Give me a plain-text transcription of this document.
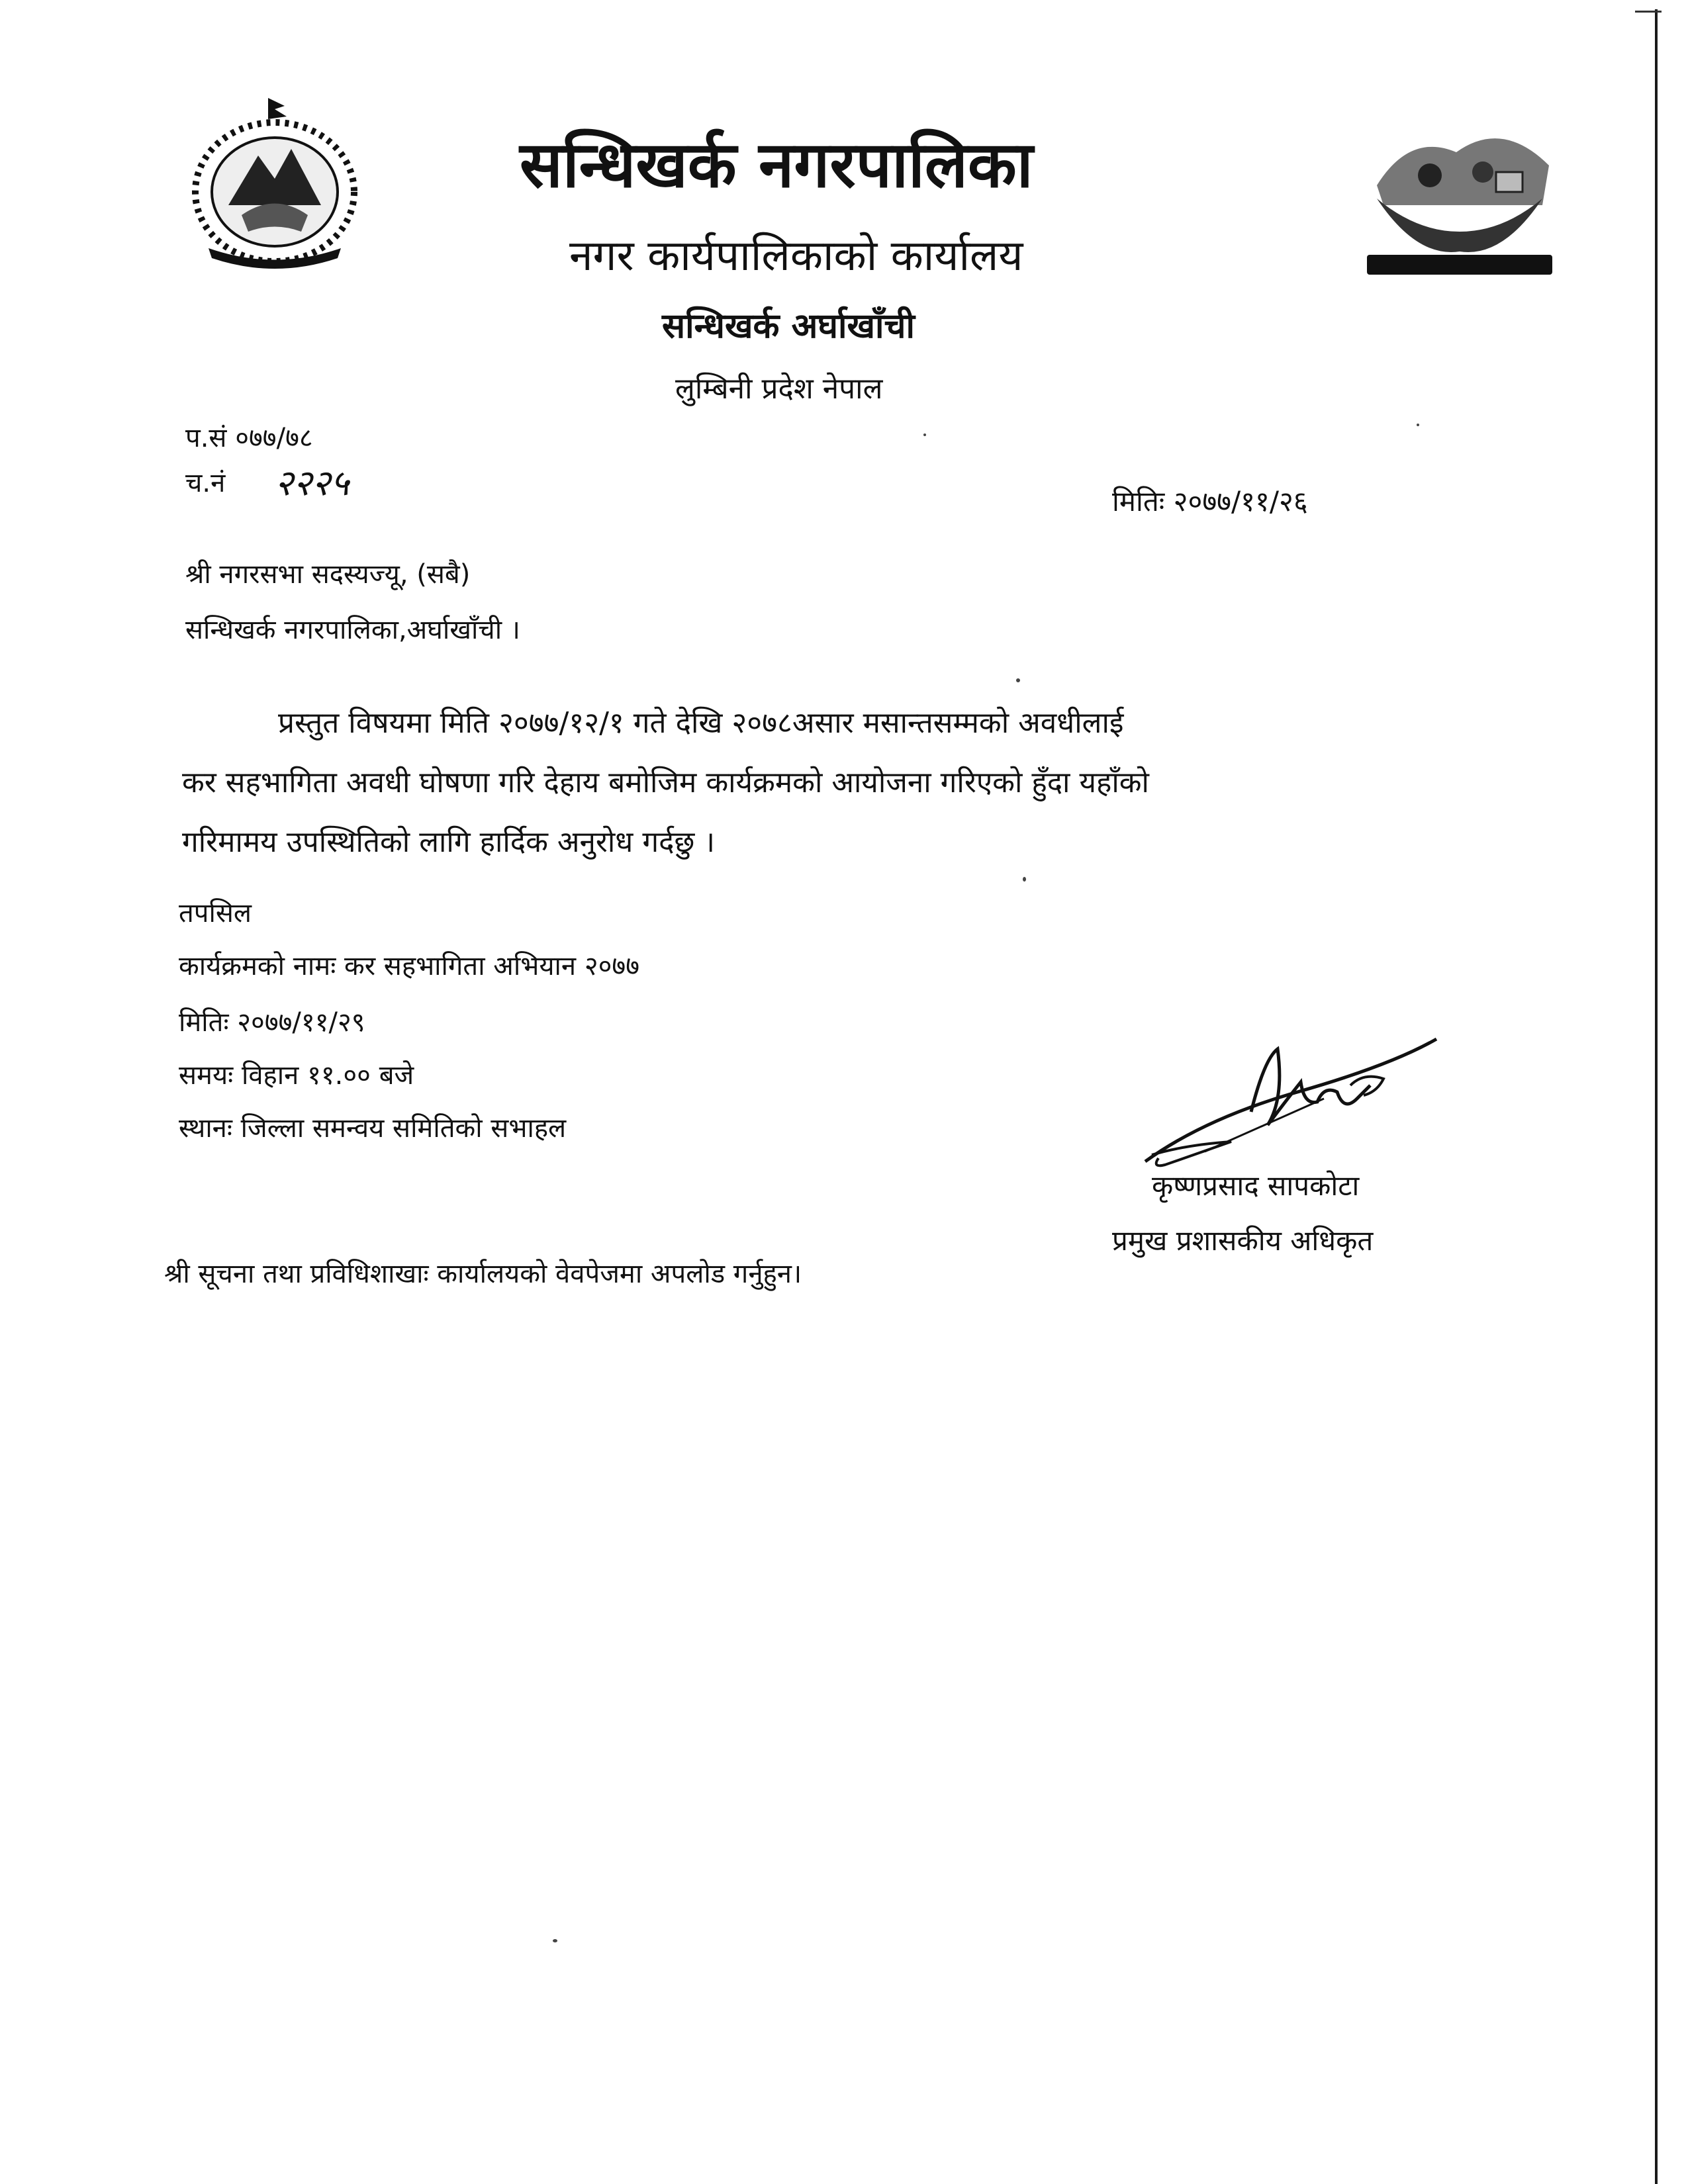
सन्धिखर्क नगरपालिका
नगर कार्यपालिकाको कार्यालय
सन्धिखर्क अर्घाखाँची
लुम्बिनी प्रदेश नेपाल
प.सं ०७७/७८
च.नं २२२५	मितिः २०७७/११/२६
श्री नगरसभा सदस्यज्यू, (सबै)
सन्धिखर्क नगरपालिका,अर्घाखाँची ।
प्रस्तुत विषयमा मिति २०७७/१२/१ गते देखि २०७८असार मसान्तसम्मको अवधीलाई
कर सहभागिता अवधी घोषणा गरि देहाय बमोजिम कार्यक्रमको आयोजना गरिएको हुँदा यहाँको
गरिमामय उपस्थितिको लागि हार्दिक अनुरोध गर्दछु ।
तपसिल
कार्यक्रमको नामः कर सहभागिता अभियान २०७७
मितिः २०७७/११/२९
समयः विहान ११.०० बजे
स्थानः जिल्ला समन्वय समितिको सभाहल
कृष्णप्रसाद सापकोटा
प्रमुख प्रशासकीय अधिकृत
श्री सूचना तथा प्रविधिशाखाः कार्यालयको वेवपेजमा अपलोड गर्नुहुन।
